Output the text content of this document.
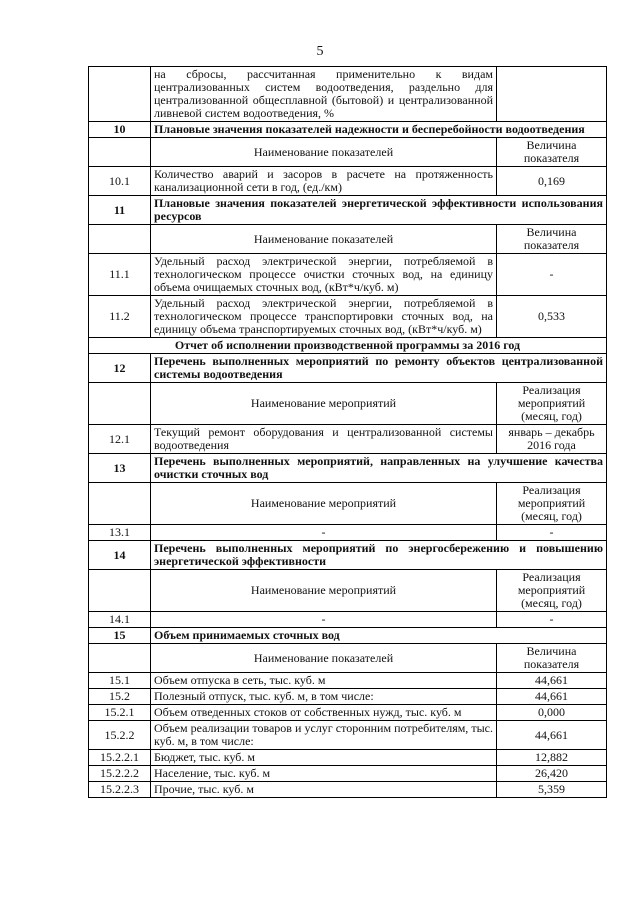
5
	на сбросы, рассчитанная применительно к видам централизованных систем водоотведения, раздельно для централизованной общесплавной (бытовой) и централизованной ливневой систем водоотведения, %	
10	Плановые значения показателей надежности и бесперебойности водоотведения	
	Наименование показателей	Величина показателя
10.1	Количество аварий и засоров в расчете на протяженность канализационной сети в год, (ед./км)	0,169
11	Плановые значения показателей энергетической эффективности использования ресурсов	
	Наименование показателей	Величина показателя
11.1	Удельный расход электрической энергии, потребляемой в технологическом процессе очистки сточных вод, на единицу объема очищаемых сточных вод, (кВт*ч/куб. м)	-
11.2	Удельный расход электрической энергии, потребляемой в технологическом процессе транспортировки сточных вод, на единицу объема транспортируемых сточных вод, (кВт*ч/куб. м)	0,533
Отчет об исполнении производственной программы за 2016 год		
12	Перечень выполненных мероприятий по ремонту объектов централизованной системы водоотведения	
	Наименование мероприятий	Реализация мероприятий (месяц, год)
12.1	Текущий ремонт оборудования и централизованной системы водоотведения	январь – декабрь 2016 года
13	Перечень выполненных мероприятий, направленных на улучшение качества очистки сточных вод	
	Наименование мероприятий	Реализация мероприятий (месяц, год)
13.1	-	-
14	Перечень выполненных мероприятий по энергосбережению и повышению энергетической эффективности	
	Наименование мероприятий	Реализация мероприятий (месяц, год)
14.1	-	-
15	Объем принимаемых сточных вод	
	Наименование показателей	Величина показателя
15.1	Объем отпуска в сеть, тыс. куб. м	44,661
15.2	Полезный отпуск, тыс. куб. м, в том числе:	44,661
15.2.1	Объем отведенных стоков от собственных нужд, тыс. куб. м	0,000
15.2.2	Объем реализации товаров и услуг сторонним потребителям, тыс. куб. м, в том числе:	44,661
15.2.2.1	Бюджет, тыс. куб. м	12,882
15.2.2.2	Население, тыс. куб. м	26,420
15.2.2.3	Прочие, тыс. куб. м	5,359
